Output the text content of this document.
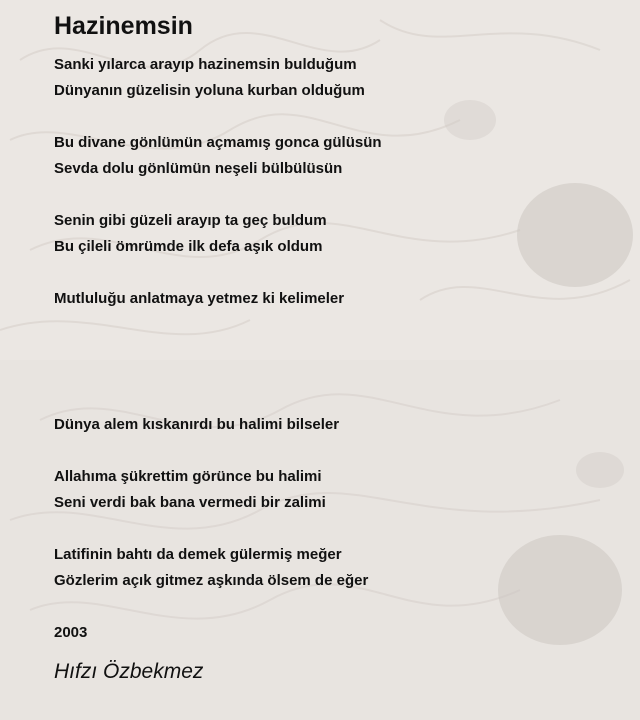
Hazinemsin

Sanki yılarca arayıp hazinemsin bulduğum

Dünyanın güzelisin yoluna kurban olduğum

Bu divane gönlümün açmamış gonca gülüsün

Sevda dolu gönlümün neşeli bülbülüsün

Senin gibi güzeli arayıp ta geç buldum

Bu çileli ömrümde ilk defa aşık oldum

Mutluluğu anlatmaya yetmez ki kelimeler

Dünya alem kıskanırdı bu halimi bilseler

Allahıma şükrettim görünce bu halimi

Seni verdi bak bana vermedi bir zalimi

Latifinin bahtı da demek gülermiş meğer

Gözlerim açık gitmez aşkında ölsem de eğer

2003

Hıfzı Özbekmez
